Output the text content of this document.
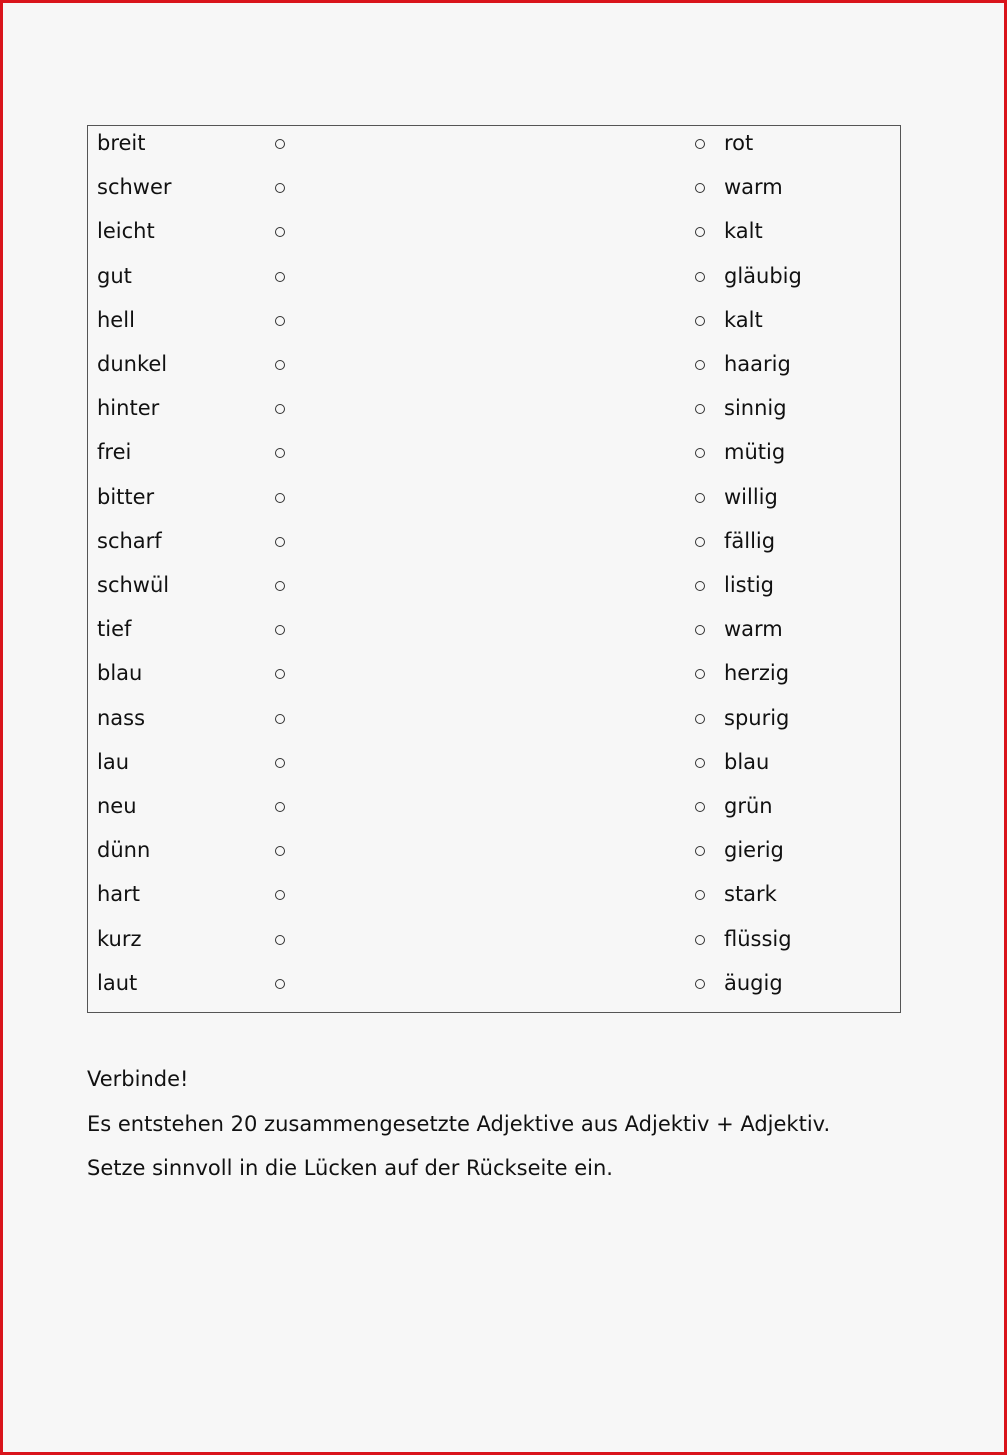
breit	rot
schwer	warm
leicht	kalt
gut	gläubig
hell	kalt
dunkel	haarig
hinter	sinnig
frei	mütig
bitter	willig
scharf	fällig
schwül	listig
tief	warm
blau	herzig
nass	spurig
lau	blau
neu	grün
dünn	gierig
hart	stark
kurz	flüssig
laut	äugig
Verbinde!
Es entstehen 20 zusammengesetzte Adjektive aus Adjektiv + Adjektiv.
Setze sinnvoll in die Lücken auf der Rückseite ein.
